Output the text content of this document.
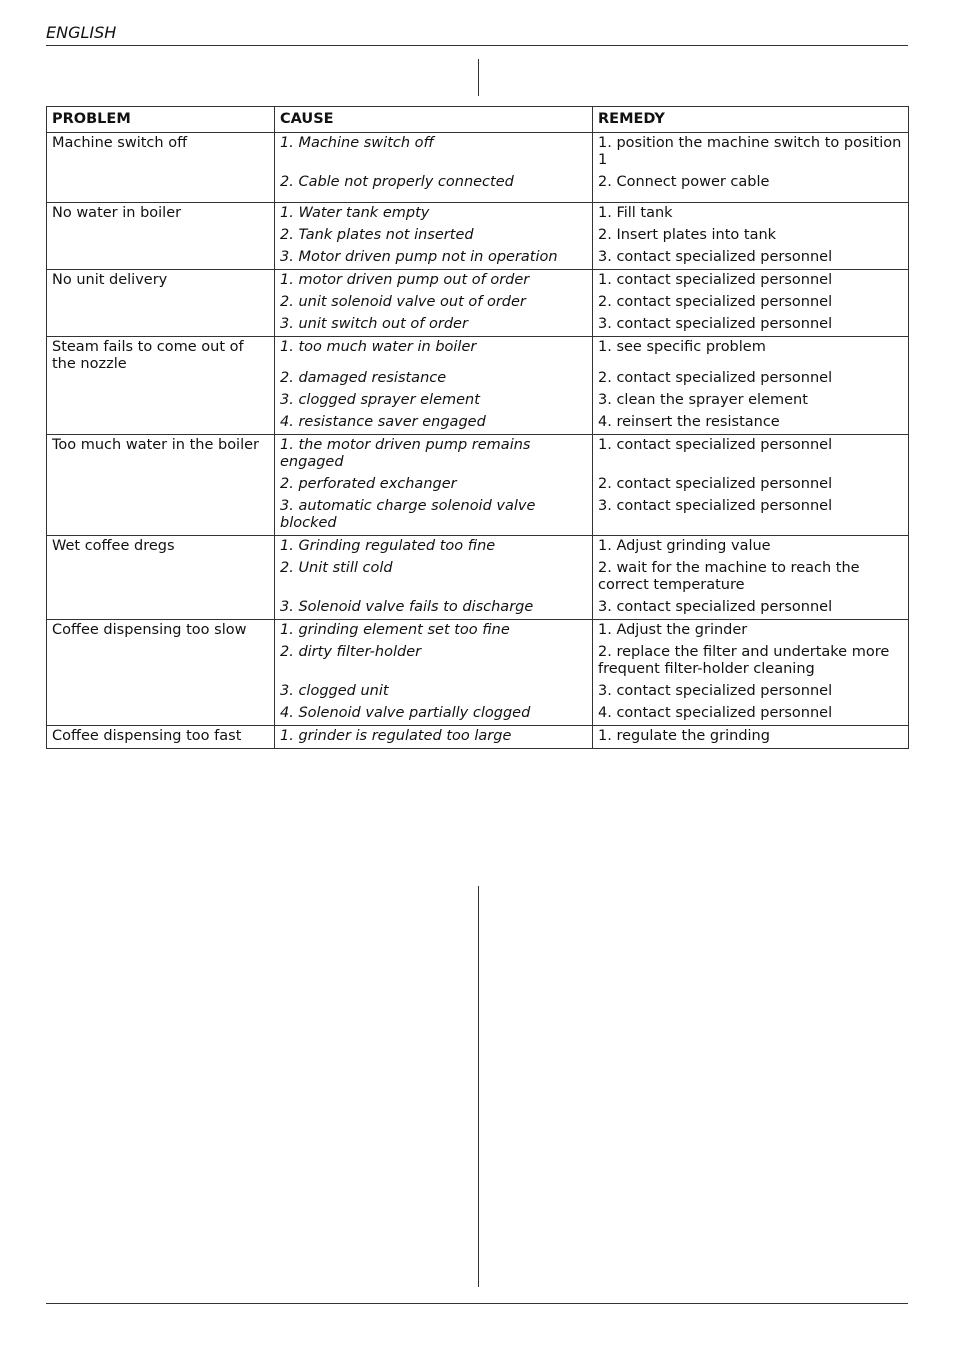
ENGLISH
PROBLEM	CAUSE	REMEDY
Machine switch off	1. Machine switch off	1. position the machine switch to position 1
	2. Cable not properly connected	2. Connect power cable
No water in boiler	1. Water tank empty	1. Fill tank
	2. Tank plates not inserted	2. Insert plates into tank
	3. Motor driven pump not in operation	3. contact specialized personnel
No unit delivery	1. motor driven pump out of order	1. contact specialized personnel
	2. unit solenoid valve out of order	2. contact specialized personnel
	3. unit switch out of order	3. contact specialized personnel
Steam fails to come out of the nozzle	1. too much water in boiler	1. see specific problem
	2. damaged resistance	2. contact specialized personnel
	3. clogged sprayer element	3. clean the sprayer element
	4. resistance saver engaged	4. reinsert the resistance
Too much water in the boiler	1. the motor driven pump remains engaged	1. contact specialized personnel
	2. perforated exchanger	2. contact specialized personnel
	3. automatic charge solenoid valve blocked	3. contact specialized personnel
Wet coffee dregs	1. Grinding regulated too fine	1. Adjust grinding value
	2. Unit still cold	2. wait for the machine to reach the correct temperature
	3. Solenoid valve fails to discharge	3. contact specialized personnel
Coffee dispensing too slow	1. grinding element set too fine	1. Adjust the grinder
	2. dirty filter-holder	2. replace the filter and undertake more frequent filter-holder cleaning
	3. clogged unit	3. contact specialized personnel
	4. Solenoid valve partially clogged	4. contact specialized personnel
Coffee dispensing too fast	1. grinder is regulated too large	1. regulate the grinding
